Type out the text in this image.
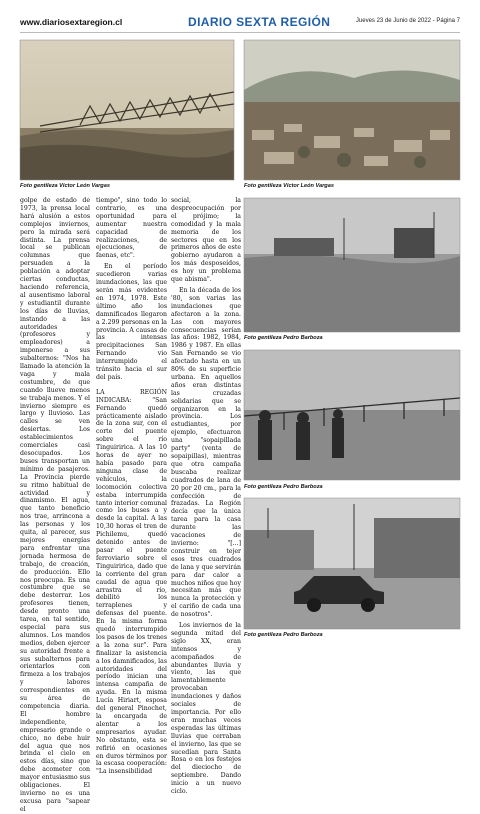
www.diariosextaregion.cl	DIARIO SEXTA REGIÓN	Jueves 23 de Junio de 2022 - Página 7
Foto gentileza Víctor León Vargas	Foto gentileza Víctor León Vargas
Foto gentileza Pedro Barboza
Foto gentileza Pedro Barboza
Foto gentileza Pedro Barboza

golpe de estado de 1973, la prensa local hará alusión a estos complejos inviernos, pero la mirada será distinta. La prensa local se publican columnas que persuaden a la población a adoptar ciertas conductas, haciendo referencia, al ausentismo laboral y estudiantil durante los días de lluvias, instando a las autoridades (profesores y empleadores) a imponerse a sus subalternos: "Nos ha llamado la atención la vaga y mala costumbre, de que cuando llueve menos se trabaja menos. Y el invierno siempre es largo y lluvioso. Las calles se ven desiertas. Los establecimientos comerciales casi desocupados. Los buses transportan un mínimo de pasajeros. La Provincia pierde su ritmo habitual de actividad y dinamismo. El agua, que tanto beneficio nos trae, arrincona a las personas y los quita, al parecer, sus mejores energías para enfrentar una jornada hermosa de trabajo, de creación, de producción. Ello nos preocupa. Es una costumbre que se debe desterrar. Los profesores tienen, desde pronto una tarea, en tal sentido, especial para sus alumnos. Los mandos medios, deben ejercer su autoridad frente a sus subalternos para orientarlos con firmeza a los trabajos y labores correspondientes en su área de competencia diaria. El hombre independiente, empresario grande o chico, no debe huir del agua que nos brinda el cielo en estos días, sino que debe acometer con mayor entusiasmo sus obligaciones. El invierno no es una excusa para "sapear el

tiempo", sino todo lo contrario, es una oportunidad para aumentar nuestra capacidad de realizaciones, de ejecuciones, de faenas, etc".

En el período sucedieron varias inundaciones, las que serán más evidentes en 1974, 1978. Este último año los damnificados llegaron a 2.299 personas en la provincia. A causas de las intensas precipitaciones San Fernando vio interrumpido el tránsito hacia el sur del país.

LA REGIÓN INDICABA: "San Fernando quedó prácticamente aislado de la zona sur, con el corte del puente sobre el río Tinguiririca. A las 10 horas de ayer no había pasado para ninguna clase de vehículos, la locomoción colectiva estaba interrumpida tanto interior comunal como los buses a y desde la capital. A las 10,30 horas el tren de Pichilemu, quedó detenido antes de pasar el puente ferroviario sobre el Tinguiririca, dado que la corriente del gran caudal de agua que arrastra el río, debilitó los terraplenes y defensas del puente. En la misma forma quedó interrumpido los pasos de los trenes a la zona sur". Para finalizar la asistencia a los damnificados, las autoridades del período inician una intensa campaña de ayuda. En la misma Lucía Hiriart, esposa del general Pinochet, la encargada de alentar a los empresarios ayudar. No obstante, esta se refirió en ocasiones en duros términos por la escasa cooperación: "La insensibilidad

social, la despreocupación por el prójimo; la comodidad y la mala memoria de los sectores que en los primeros años de este gobierno ayudaron a los más desposeídos, es hoy un problema que abisma".

En la década de los '80, son varias las inundaciones que afectaron a la zona. Las con mayores consecuencias serían las años: 1982, 1984, 1986 y 1987. En ellas San Fernando se vio afectado hasta en un 80% de su superficie urbana. En aquellos años eran distintas las cruzadas solidarias que se organizaron en la provincia. Los estudiantes, por ejemplo, efectuaron una "sopaipillada party" (venta de sopaipillas), mientras que otra campaña buscaba realizar cuadrados de lana de 20 por 20 cm., para la confección de frazadas. La Región decía que la única tarea para la casa durante las vacaciones de invierno: "[...] construir en tejer esos tres cuadrados de lana y que servirán para dar calor a muchos niños que hoy necesitan más que nunca la protección y el cariño de cada una de nosotros".

Los inviernos de la segunda mitad del siglo XX, eran intensos y acompañados de abundantes lluvia y viento, las que lamentablemente provocaban inundaciones y daños sociales de importancia. Por ello eran muchas veces esperadas las últimas lluvias que cerraban el invierno, las que se sucedían para Santa Rosa o en los festejos del dieciocho de septiembre. Dando inicio a un nuevo ciclo.
